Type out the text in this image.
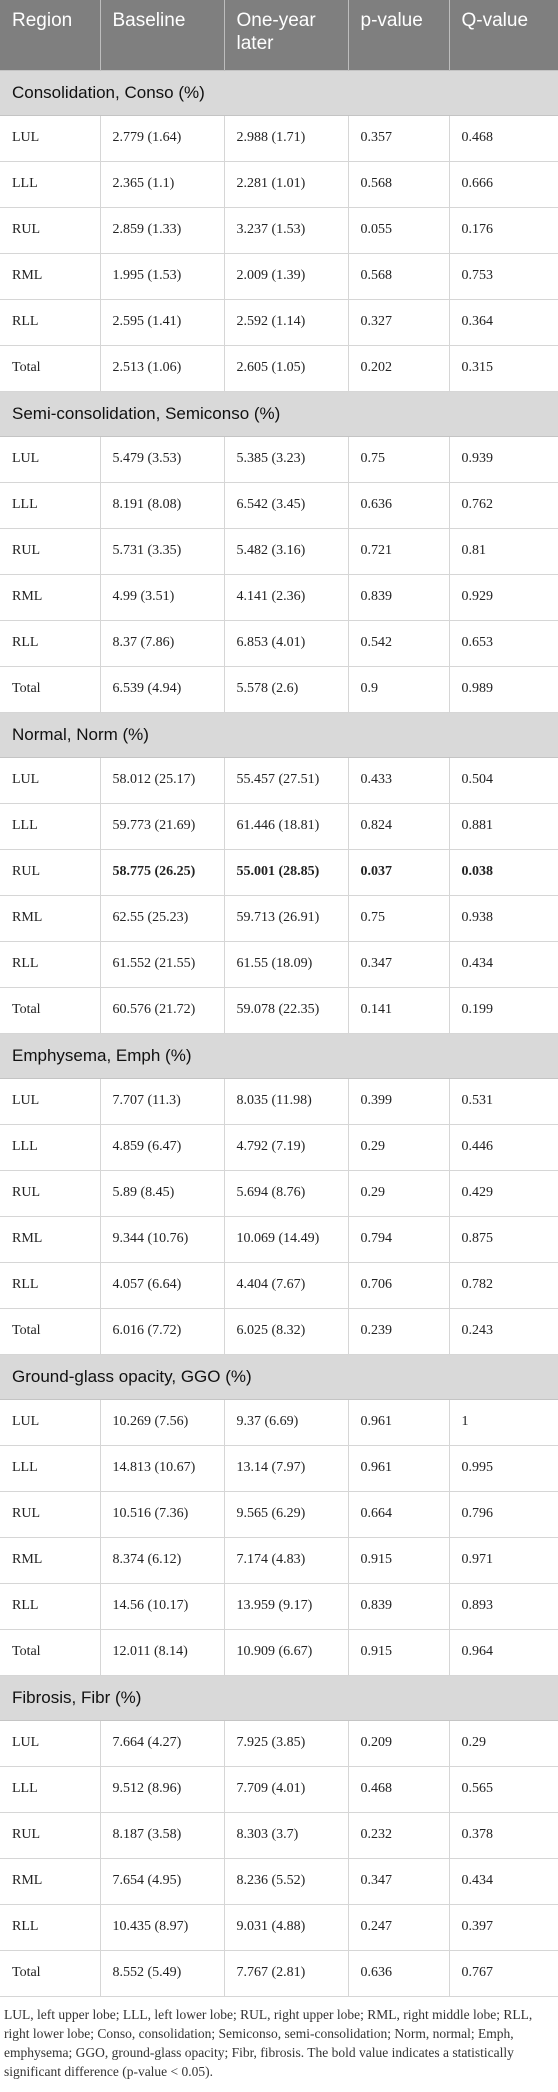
Region	Baseline	One-year later	p-value	Q-value
Consolidation, Conso (%)				
LUL	2.779 (1.64)	2.988 (1.71)	0.357	0.468
LLL	2.365 (1.1)	2.281 (1.01)	0.568	0.666
RUL	2.859 (1.33)	3.237 (1.53)	0.055	0.176
RML	1.995 (1.53)	2.009 (1.39)	0.568	0.753
RLL	2.595 (1.41)	2.592 (1.14)	0.327	0.364
Total	2.513 (1.06)	2.605 (1.05)	0.202	0.315
Semi-consolidation, Semiconso (%)				
LUL	5.479 (3.53)	5.385 (3.23)	0.75	0.939
LLL	8.191 (8.08)	6.542 (3.45)	0.636	0.762
RUL	5.731 (3.35)	5.482 (3.16)	0.721	0.81
RML	4.99 (3.51)	4.141 (2.36)	0.839	0.929
RLL	8.37 (7.86)	6.853 (4.01)	0.542	0.653
Total	6.539 (4.94)	5.578 (2.6)	0.9	0.989
Normal, Norm (%)				
LUL	58.012 (25.17)	55.457 (27.51)	0.433	0.504
LLL	59.773 (21.69)	61.446 (18.81)	0.824	0.881
RUL	58.775 (26.25)	55.001 (28.85)	0.037	0.038
RML	62.55 (25.23)	59.713 (26.91)	0.75	0.938
RLL	61.552 (21.55)	61.55 (18.09)	0.347	0.434
Total	60.576 (21.72)	59.078 (22.35)	0.141	0.199
Emphysema, Emph (%)				
LUL	7.707 (11.3)	8.035 (11.98)	0.399	0.531
LLL	4.859 (6.47)	4.792 (7.19)	0.29	0.446
RUL	5.89 (8.45)	5.694 (8.76)	0.29	0.429
RML	9.344 (10.76)	10.069 (14.49)	0.794	0.875
RLL	4.057 (6.64)	4.404 (7.67)	0.706	0.782
Total	6.016 (7.72)	6.025 (8.32)	0.239	0.243
Ground-glass opacity, GGO (%)				
LUL	10.269 (7.56)	9.37 (6.69)	0.961	1
LLL	14.813 (10.67)	13.14 (7.97)	0.961	0.995
RUL	10.516 (7.36)	9.565 (6.29)	0.664	0.796
RML	8.374 (6.12)	7.174 (4.83)	0.915	0.971
RLL	14.56 (10.17)	13.959 (9.17)	0.839	0.893
Total	12.011 (8.14)	10.909 (6.67)	0.915	0.964
Fibrosis, Fibr (%)				
LUL	7.664 (4.27)	7.925 (3.85)	0.209	0.29
LLL	9.512 (8.96)	7.709 (4.01)	0.468	0.565
RUL	8.187 (3.58)	8.303 (3.7)	0.232	0.378
RML	7.654 (4.95)	8.236 (5.52)	0.347	0.434
RLL	10.435 (8.97)	9.031 (4.88)	0.247	0.397
Total	8.552 (5.49)	7.767 (2.81)	0.636	0.767
LUL, left upper lobe; LLL, left lower lobe; RUL, right upper lobe; RML, right middle lobe; RLL, right lower lobe; Conso, consolidation; Semiconso, semi-consolidation; Norm, normal; Emph, emphysema; GGO, ground-glass opacity; Fibr, fibrosis. The bold value indicates a statistically significant difference (p-value < 0.05).
